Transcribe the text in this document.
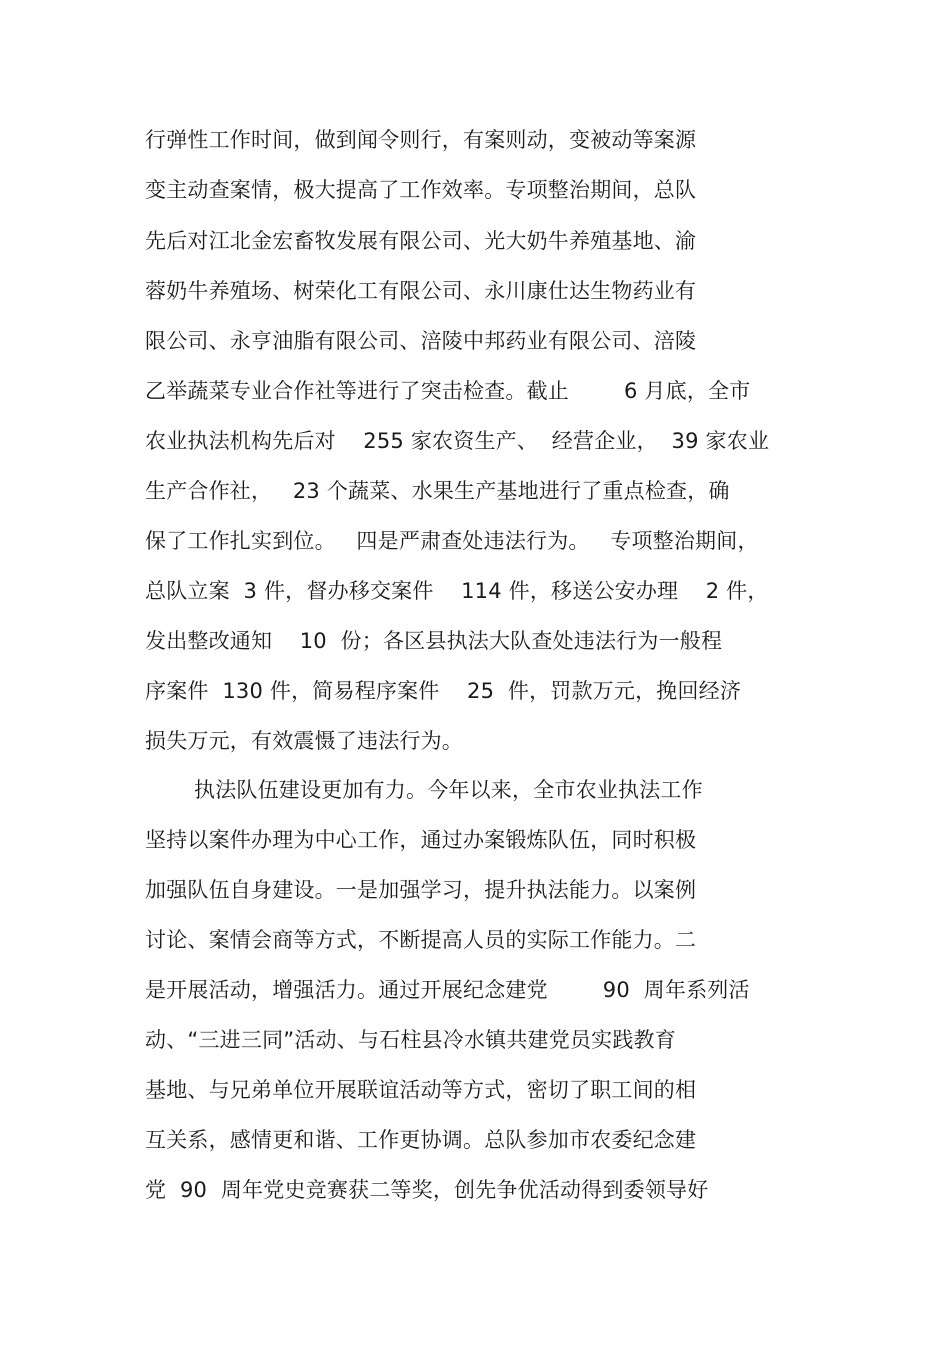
行弹性工作时间，做到闻令则行，有案则动，变被动等案源
变主动查案情，极大提高了工作效率。专项整治期间，总队
先后对江北金宏畜牧发展有限公司、光大奶牛养殖基地、渝
蓉奶牛养殖场、树荣化工有限公司、永川康仕达生物药业有
限公司、永亨油脂有限公司、涪陵中邦药业有限公司、涪陵
乙举蔬菜专业合作社等进行了突击检查。截止        6 月底，全市
农业执法机构先后对    255 家农资生产、  经营企业，  39 家农业
生产合作社，   23 个蔬菜、水果生产基地进行了重点检查，确
保了工作扎实到位。   四是严肃查处违法行为。   专项整治期间，
总队立案  3 件，督办移交案件    114 件，移送公安办理    2 件，
发出整改通知    10  份；各区县执法大队查处违法行为一般程
序案件  130 件，简易程序案件    25  件，罚款万元，挽回经济
损失万元，有效震慑了违法行为。
执法队伍建设更加有力。今年以来，全市农业执法工作
坚持以案件办理为中心工作，通过办案锻炼队伍，同时积极
加强队伍自身建设。一是加强学习，提升执法能力。以案例
讨论、案情会商等方式，不断提高人员的实际工作能力。二
是开展活动，增强活力。通过开展纪念建党        90  周年系列活
动、“三进三同”活动、与石柱县冷水镇共建党员实践教育
基地、与兄弟单位开展联谊活动等方式，密切了职工间的相
互关系，感情更和谐、工作更协调。总队参加市农委纪念建
党  90  周年党史竞赛获二等奖，创先争优活动得到委领导好
